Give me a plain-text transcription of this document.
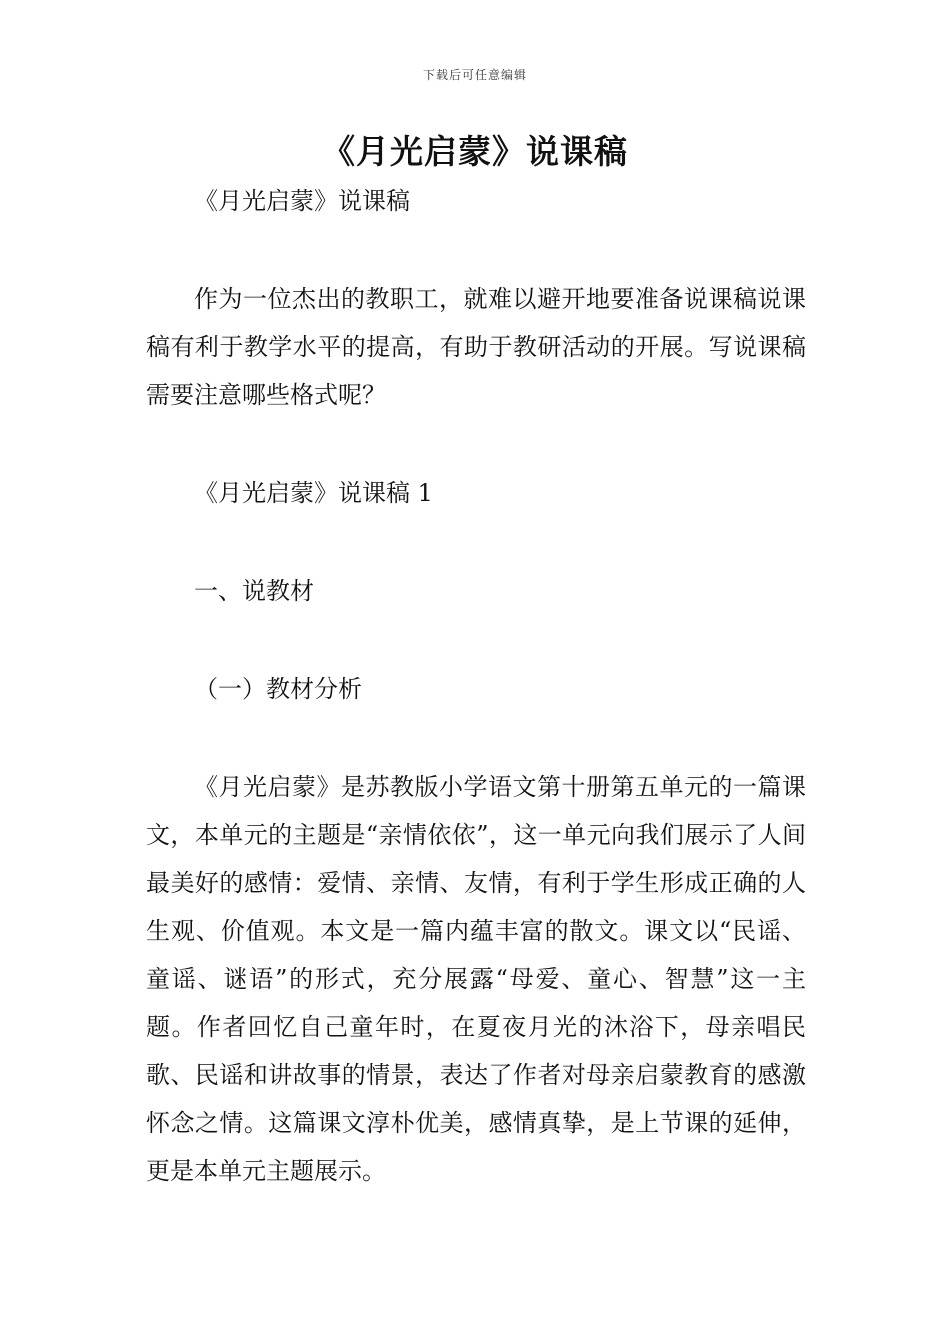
下载后可任意编辑
《月光启蒙》说课稿

《月光启蒙》说课稿

作为一位杰出的教职工，就难以避开地要准备说课稿说课稿有利于教学水平的提高，有助于教研活动的开展。写说课稿需要注意哪些格式呢？

《月光启蒙》说课稿 1

一、说教材

（一）教材分析

《月光启蒙》是苏教版小学语文第十册第五单元的一篇课文，本单元的主题是“亲情依依”，这一单元向我们展示了人间最美好的感情：爱情、亲情、友情，有利于学生形成正确的人生观、价值观。本文是一篇内蕴丰富的散文。课文以“民谣、童谣、谜语”的形式，充分展露“母爱、童心、智慧”这一主题。作者回忆自己童年时，在夏夜月光的沐浴下，母亲唱民歌、民谣和讲故事的情景，表达了作者对母亲启蒙教育的感激怀念之情。这篇课文淳朴优美，感情真挚，是上节课的延伸，更是本单元主题展示。
